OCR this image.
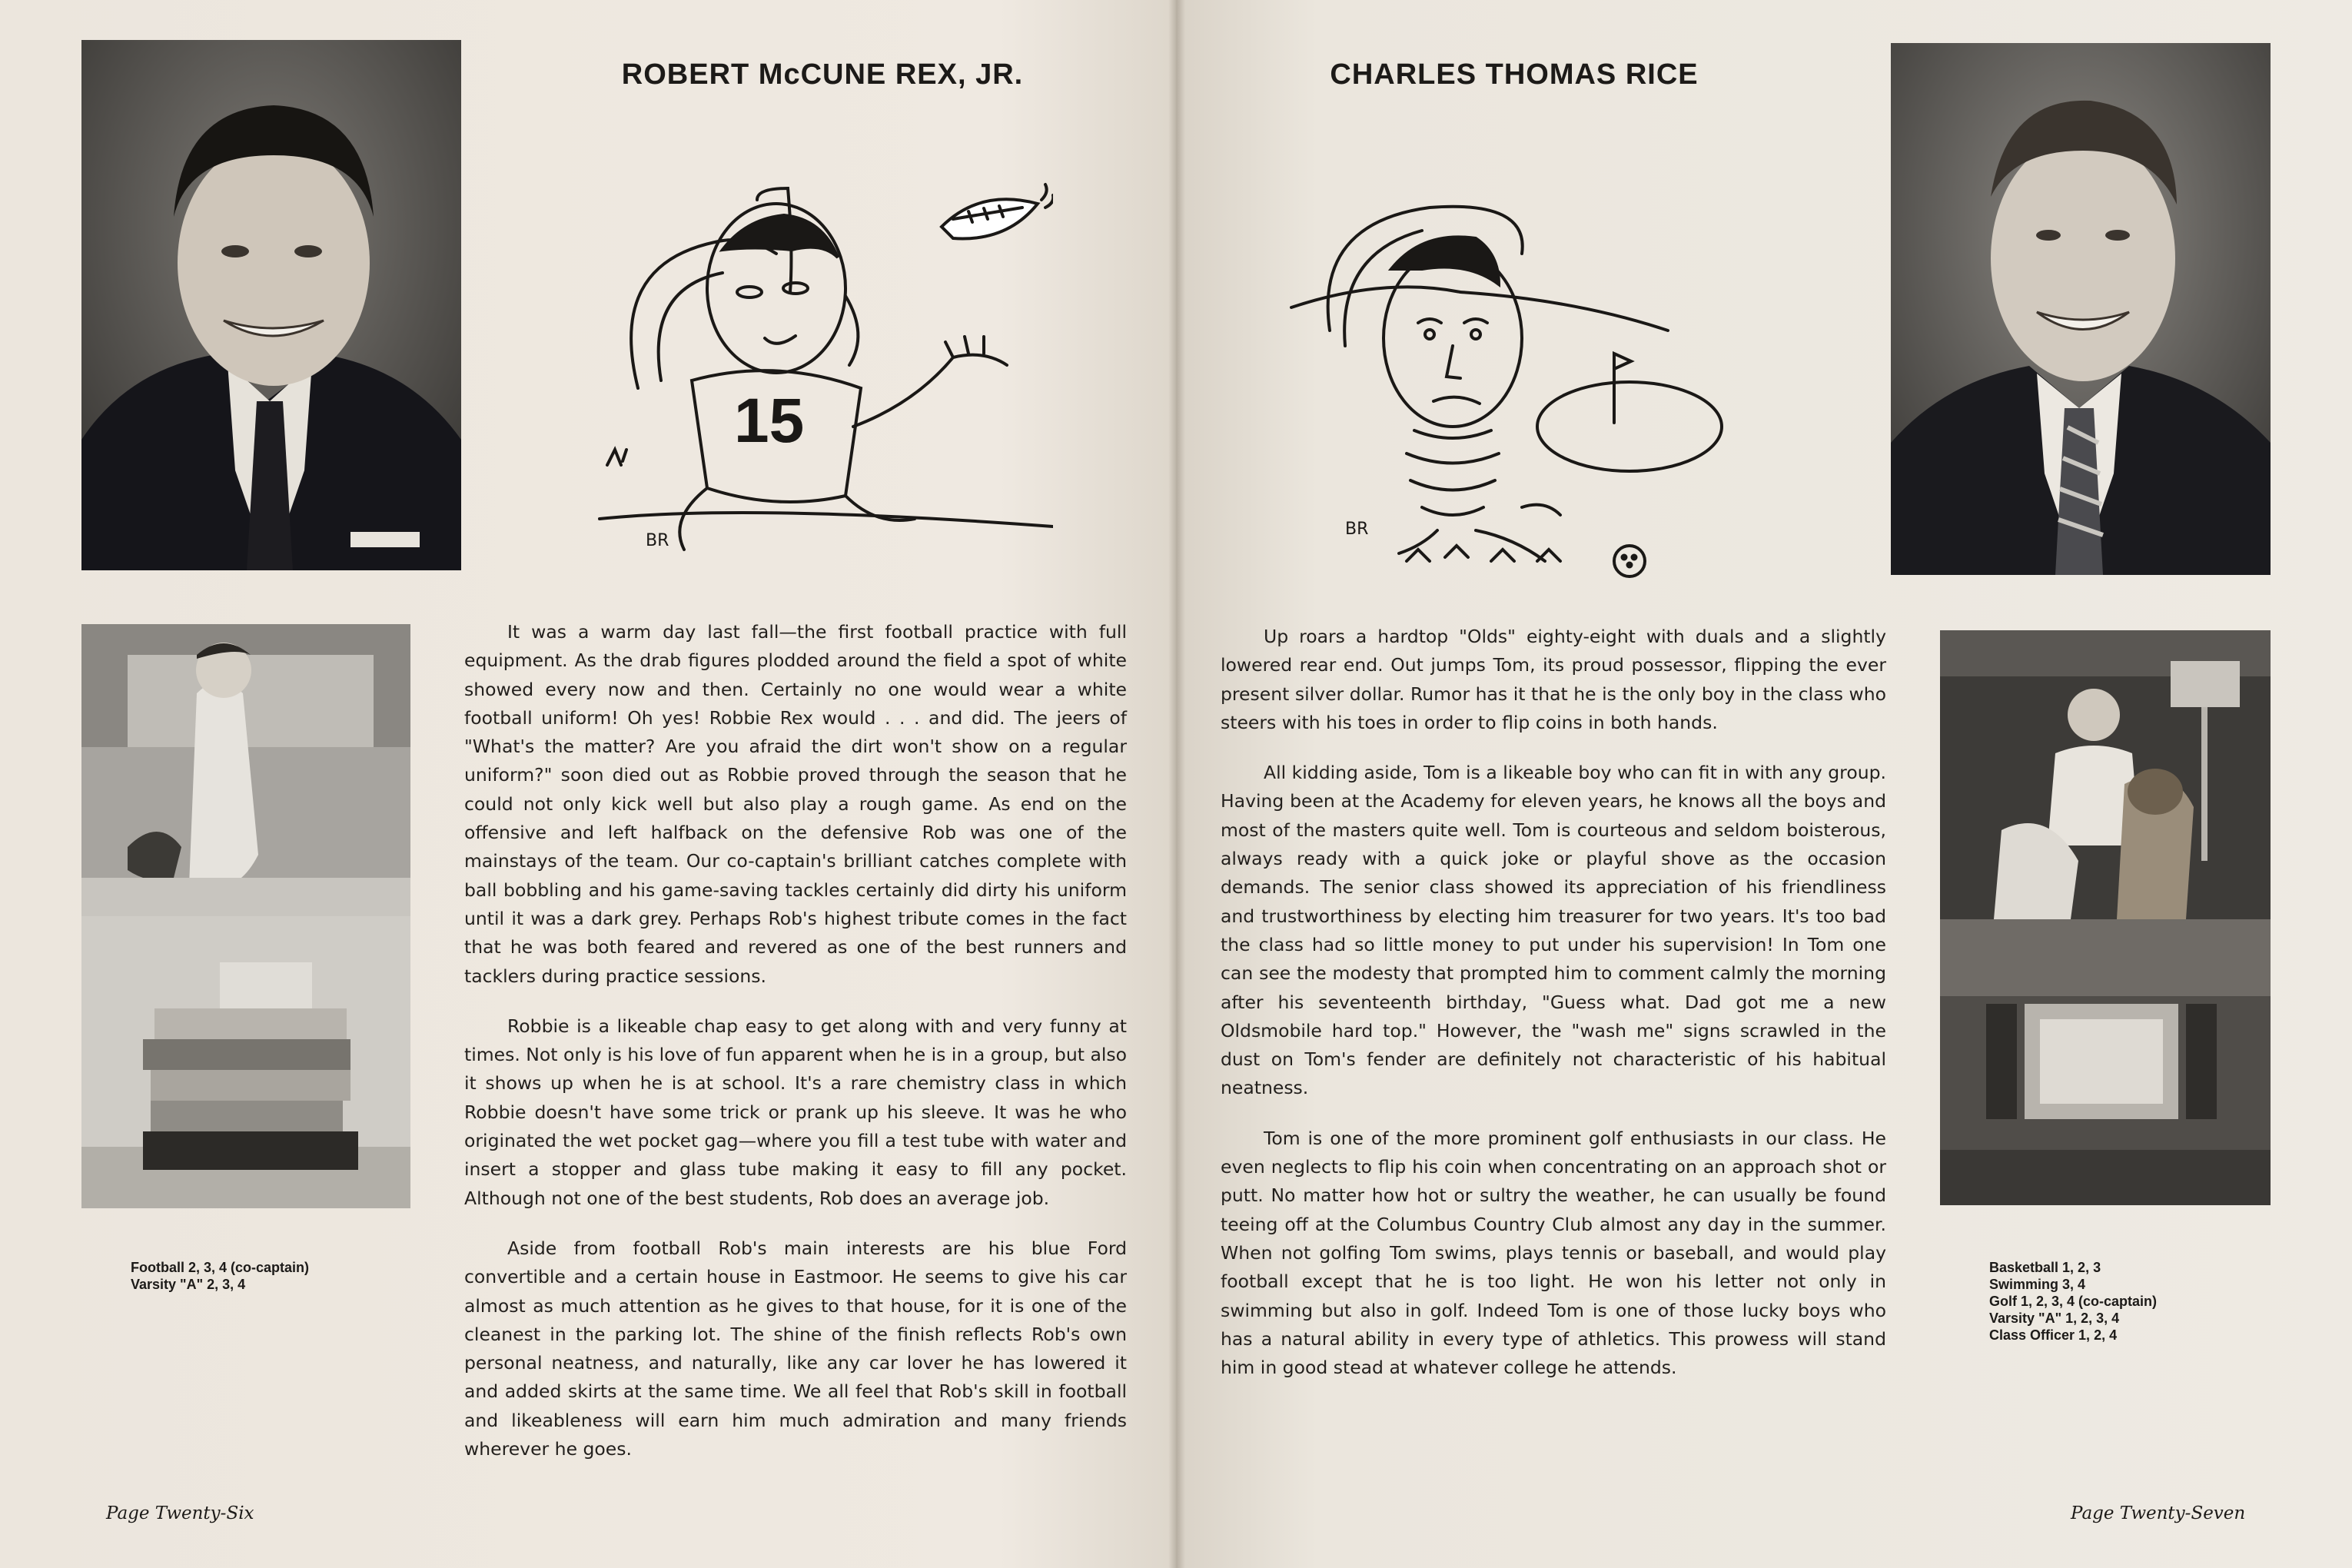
ROBERT McCUNE REX, JR.
15
BR
Football 2, 3, 4 (co-captain)
Varsity "A" 2, 3, 4

It was a warm day last fall—the first football practice with full equipment. As the drab figures plodded around the field a spot of white showed every now and then. Certainly no one would wear a white football uniform! Oh yes! Robbie Rex would . . . and did. The jeers of "What's the matter? Are you afraid the dirt won't show on a regular uniform?" soon died out as Robbie proved through the season that he could not only kick well but also play a rough game. As end on the offensive and left halfback on the defensive Rob was one of the mainstays of the team. Our co-captain's brilliant catches complete with ball bobbling and his game-saving tackles certainly did dirty his uniform until it was a dark grey. Perhaps Rob's highest tribute comes in the fact that he was both feared and revered as one of the best runners and tacklers during practice sessions.

Robbie is a likeable chap easy to get along with and very funny at times. Not only is his love of fun apparent when he is in a group, but also it shows up when he is at school. It's a rare chemistry class in which Robbie doesn't have some trick or prank up his sleeve. It was he who originated the wet pocket gag—where you fill a test tube with water and insert a stopper and glass tube making it easy to fill any pocket. Although not one of the best students, Rob does an average job.

Aside from football Rob's main interests are his blue Ford convertible and a certain house in Eastmoor. He seems to give his car almost as much attention as he gives to that house, for it is one of the cleanest in the parking lot. The shine of the finish reflects Rob's own personal neatness, and naturally, like any car lover he has lowered it and added skirts at the same time. We all feel that Rob's skill in football and likeableness will earn him much admiration and many friends wherever he goes.

Page Twenty-Six
CHARLES THOMAS RICE
BR

Up roars a hardtop "Olds" eighty-eight with duals and a slightly lowered rear end. Out jumps Tom, its proud possessor, flipping the ever present silver dollar. Rumor has it that he is the only boy in the class who steers with his toes in order to flip coins in both hands.

All kidding aside, Tom is a likeable boy who can fit in with any group. Having been at the Academy for eleven years, he knows all the boys and most of the masters quite well. Tom is courteous and seldom boisterous, always ready with a quick joke or playful shove as the occasion demands. The senior class showed its appreciation of his friendliness and trustworthiness by electing him treasurer for two years. It's too bad the class had so little money to put under his supervision! In Tom one can see the modesty that prompted him to comment calmly the morning after his seventeenth birthday, "Guess what. Dad got me a new Oldsmobile hard top." However, the "wash me" signs scrawled in the dust on Tom's fender are definitely not characteristic of his habitual neatness.

Tom is one of the more prominent golf enthusiasts in our class. He even neglects to flip his coin when concentrating on an approach shot or putt. No matter how hot or sultry the weather, he can usually be found teeing off at the Columbus Country Club almost any day in the summer. When not golfing Tom swims, plays tennis or baseball, and would play football except that he is too light. He won his letter not only in swimming but also in golf. Indeed Tom is one of those lucky boys who has a natural ability in every type of athletics. This prowess will stand him in good stead at whatever college he attends.

Basketball 1, 2, 3
Swimming 3, 4
Golf 1, 2, 3, 4 (co-captain)
Varsity "A" 1, 2, 3, 4
Class Officer 1, 2, 4
Page Twenty-Seven
